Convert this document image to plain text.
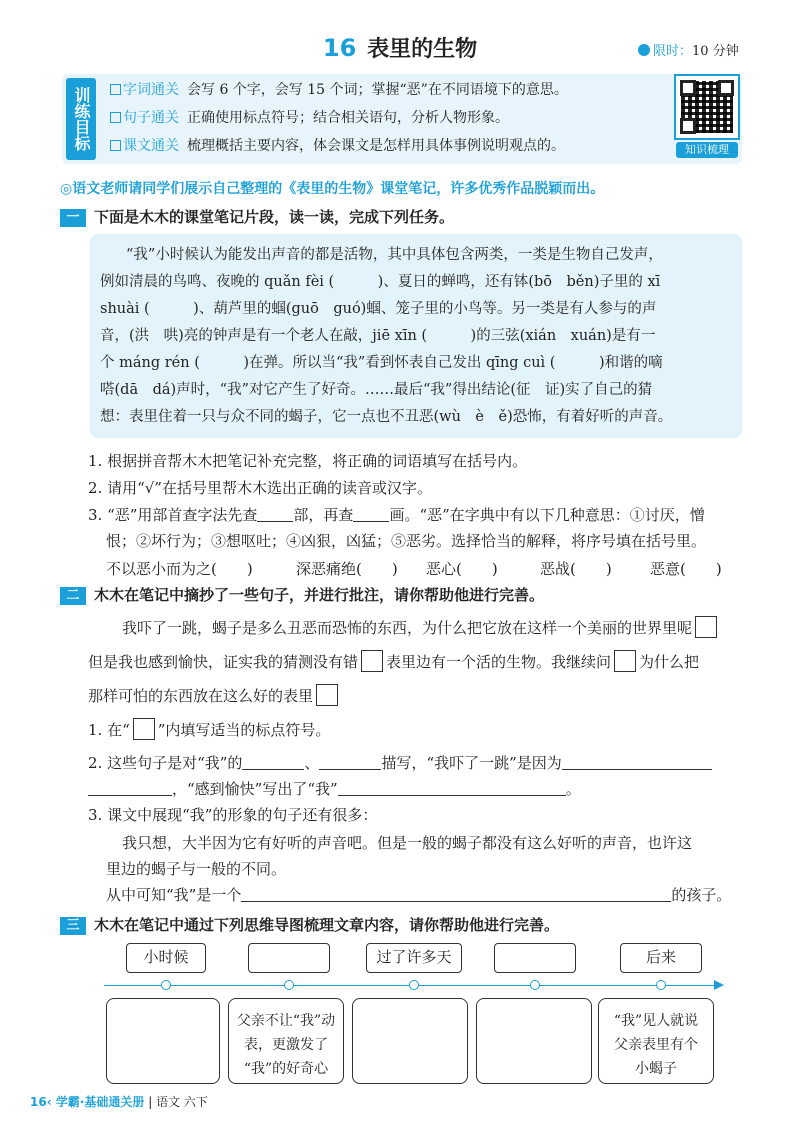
16 表里的生物	限时：10 分钟
训练目标	字词通关 会写 6 个字，会写 15 个词；掌握“恶”在不同语境下的意思。
句子通关 正确使用标点符号；结合相关语句，分析人物形象。
课文通关 梳理概括主要内容，体会课文是怎样用具体事例说明观点的。	知识梳理
◎语文老师请同学们展示自己整理的《表里的生物》课堂笔记，许多优秀作品脱颖而出。
一 下面是木木的课堂笔记片段，读一读，完成下列任务。
“我”小时候认为能发出声音的都是活物，其中具体包含两类，一类是生物自己发声，
例如清晨的鸟鸣、夜晚的 quǎn fèi (　　　)、夏日的蝉鸣，还有钵(bō　běn)子里的 xī
shuài (　　　)、葫芦里的蝈(guō　guó)蝈、笼子里的小鸟等。另一类是有人参与的声
音，(洪　哄)亮的钟声是有一个老人在敲，jiē xīn (　　　)的三弦(xián　xuán)是有一
个 máng rén (　　　)在弹。所以当“我”看到怀表自己发出 qīng cuì (　　　)和谐的嘀
嗒(dā　dá)声时，“我”对它产生了好奇。……最后“我”得出结论(征　证)实了自己的猜
想：表里住着一只与众不同的蝎子，它一点也不丑恶(wù　è　ě)恐怖，有着好听的声音。
1. 根据拼音帮木木把笔记补充完整，将正确的词语填写在括号内。
2. 请用“√”在括号里帮木木选出正确的读音或汉字。
3. “恶”用部首查字法先查 部，再查 画。“恶”在字典中有以下几种意思：①讨厌，憎
恨；②坏行为；③想呕吐；④凶狠，凶猛；⑤恶劣。选择恰当的解释，将序号填在括号里。
不以恶小而为之(　　)	深恶痛绝(　　) 恶心(　　)	恶战(　　)	恶意(　　)
二 木木在笔记中摘抄了一些句子，并进行批注，请你帮助他进行完善。
我吓了一跳，蝎子是多么丑恶而恐怖的东西，为什么把它放在这样一个美丽的世界里呢
但是我也感到愉快，证实我的猜测没有错 表里边有一个活的生物。我继续问 为什么把
那样可怕的东西放在这么好的表里
1. 在“ ”内填写适当的标点符号。
2. 这些句子是对“我”的	、	描写，“我吓了一跳”是因为
，“感到愉快”写出了“我”	。
3. 课文中展现“我”的形象的句子还有很多：
我只想，大半因为它有好听的声音吧。但是一般的蝎子都没有这么好听的声音，也许这
里边的蝎子与一般的不同。
从中可知“我”是一个	的孩子。
三 木木在笔记中通过下列思维导图梳理文章内容，请你帮助他进行完善。
小时候	过了许多天	后来
父亲不让“我”动
表，更激发了
“我”的好奇心
“我”见人就说
父亲表里有个
小蝎子
16‹ 学霸·基础通关册 | 语文 六下
